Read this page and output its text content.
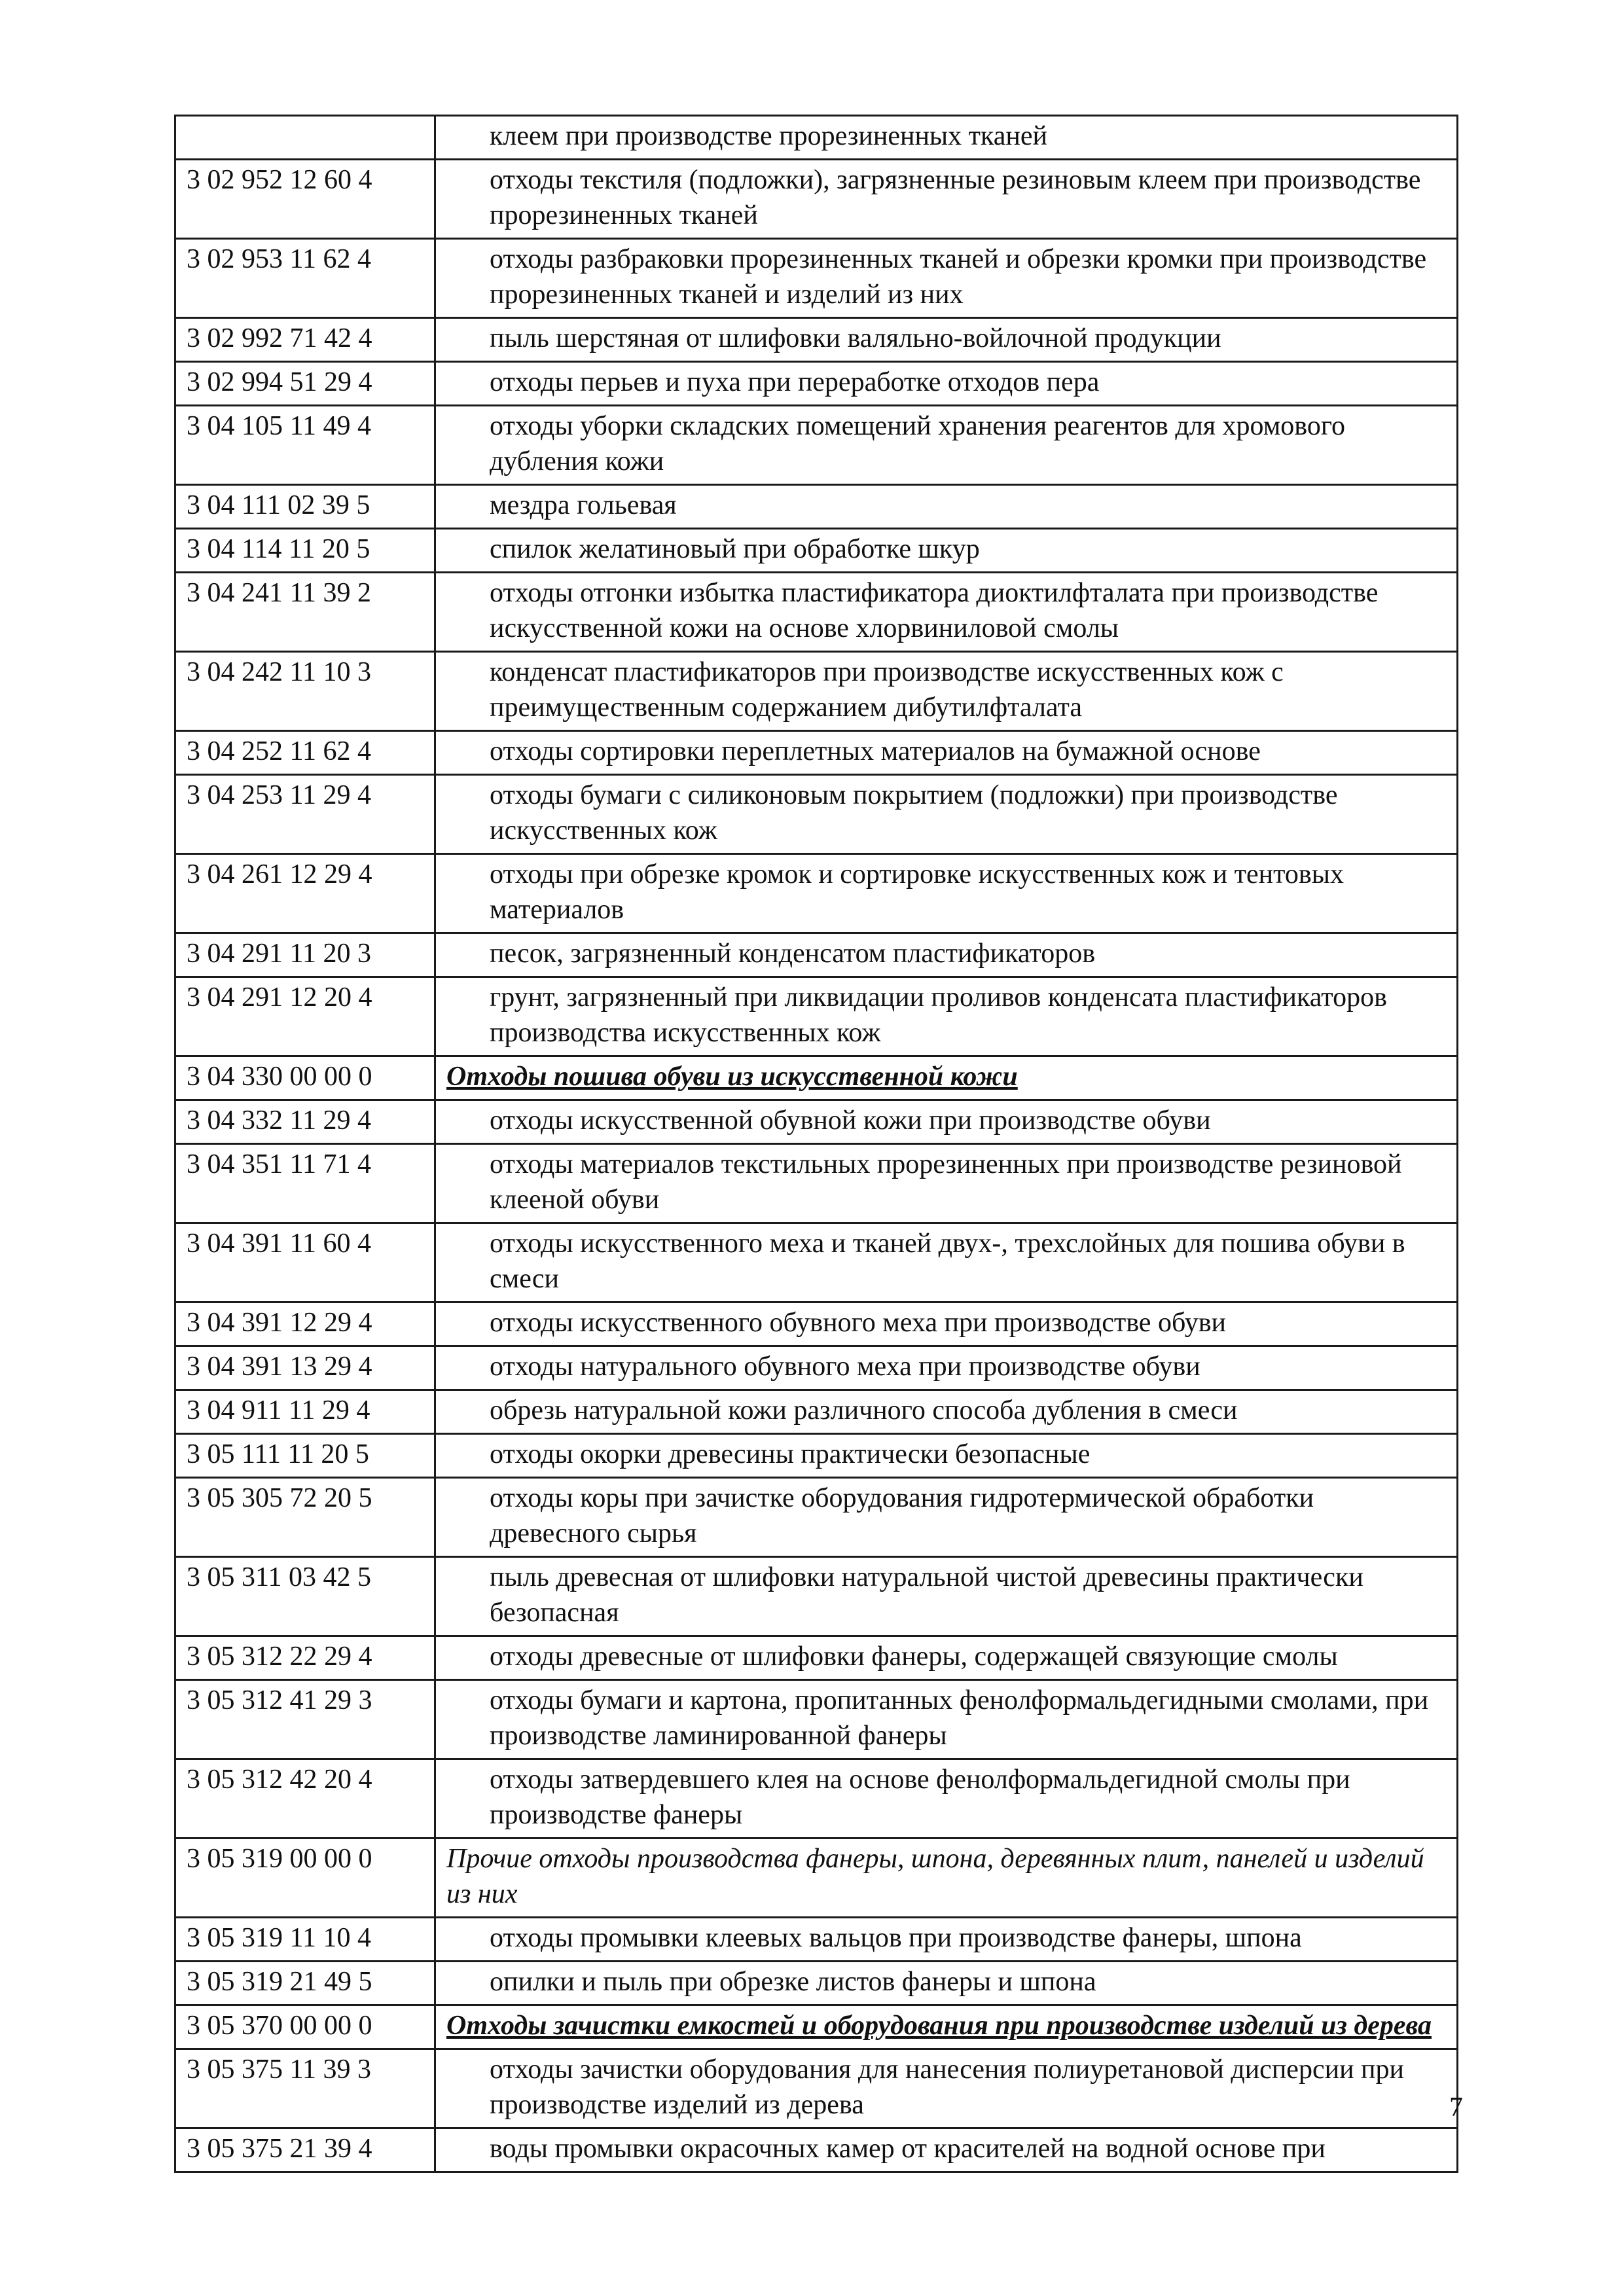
	клеем при производстве прорезиненных тканей
3 02 952 12 60 4	отходы текстиля (подложки), загрязненные резиновым клеем при производстве прорезиненных тканей
3 02 953 11 62 4	отходы разбраковки прорезиненных тканей и обрезки кромки при производстве прорезиненных тканей и изделий из них
3 02 992 71 42 4	пыль шерстяная от шлифовки валяльно-войлочной продукции
3 02 994 51 29 4	отходы перьев и пуха при переработке отходов пера
3 04 105 11 49 4	отходы уборки складских помещений хранения реагентов для хромового дубления кожи
3 04 111 02 39 5	мездра гольевая
3 04 114 11 20 5	спилок желатиновый при обработке шкур
3 04 241 11 39 2	отходы отгонки избытка пластификатора диоктилфталата при производстве искусственной кожи на основе хлорвиниловой смолы
3 04 242 11 10 3	конденсат пластификаторов при производстве искусственных кож с преимущественным содержанием дибутилфталата
3 04 252 11 62 4	отходы сортировки переплетных материалов на бумажной основе
3 04 253 11 29 4	отходы бумаги с силиконовым покрытием (подложки) при производстве искусственных кож
3 04 261 12 29 4	отходы при обрезке кромок и сортировке искусственных кож и тентовых материалов
3 04 291 11 20 3	песок, загрязненный конденсатом пластификаторов
3 04 291 12 20 4	грунт, загрязненный при ликвидации проливов конденсата пластификаторов производства искусственных кож
3 04 330 00 00 0	Отходы пошива обуви из искусственной кожи
3 04 332 11 29 4	отходы искусственной обувной кожи при производстве обуви
3 04 351 11 71 4	отходы материалов текстильных прорезиненных при производстве резиновой клееной обуви
3 04 391 11 60 4	отходы искусственного меха и тканей двух-, трехслойных для пошива обуви в смеси
3 04 391 12 29 4	отходы искусственного обувного меха при производстве обуви
3 04 391 13 29 4	отходы натурального обувного меха при производстве обуви
3 04 911 11 29 4	обрезь натуральной кожи различного способа дубления в смеси
3 05 111 11 20 5	отходы окорки древесины практически безопасные
3 05 305 72 20 5	отходы коры при зачистке оборудования гидротермической обработки древесного сырья
3 05 311 03 42 5	пыль древесная от шлифовки натуральной чистой древесины практически безопасная
3 05 312 22 29 4	отходы древесные от шлифовки фанеры, содержащей связующие смолы
3 05 312 41 29 3	отходы бумаги и картона, пропитанных фенолформальдегидными смолами, при производстве ламинированной фанеры
3 05 312 42 20 4	отходы затвердевшего клея на основе фенолформальдегидной смолы при производстве фанеры
3 05 319 00 00 0	Прочие отходы производства фанеры, шпона, деревянных плит, панелей и изделий из них
3 05 319 11 10 4	отходы промывки клеевых вальцов при производстве фанеры, шпона
3 05 319 21 49 5	опилки и пыль при обрезке листов фанеры и шпона
3 05 370 00 00 0	Отходы зачистки емкостей и оборудования при производстве изделий из дерева
3 05 375 11 39 3	отходы зачистки оборудования для нанесения полиуретановой дисперсии при производстве изделий из дерева
3 05 375 21 39 4	воды промывки окрасочных камер от красителей на водной основе при
7
